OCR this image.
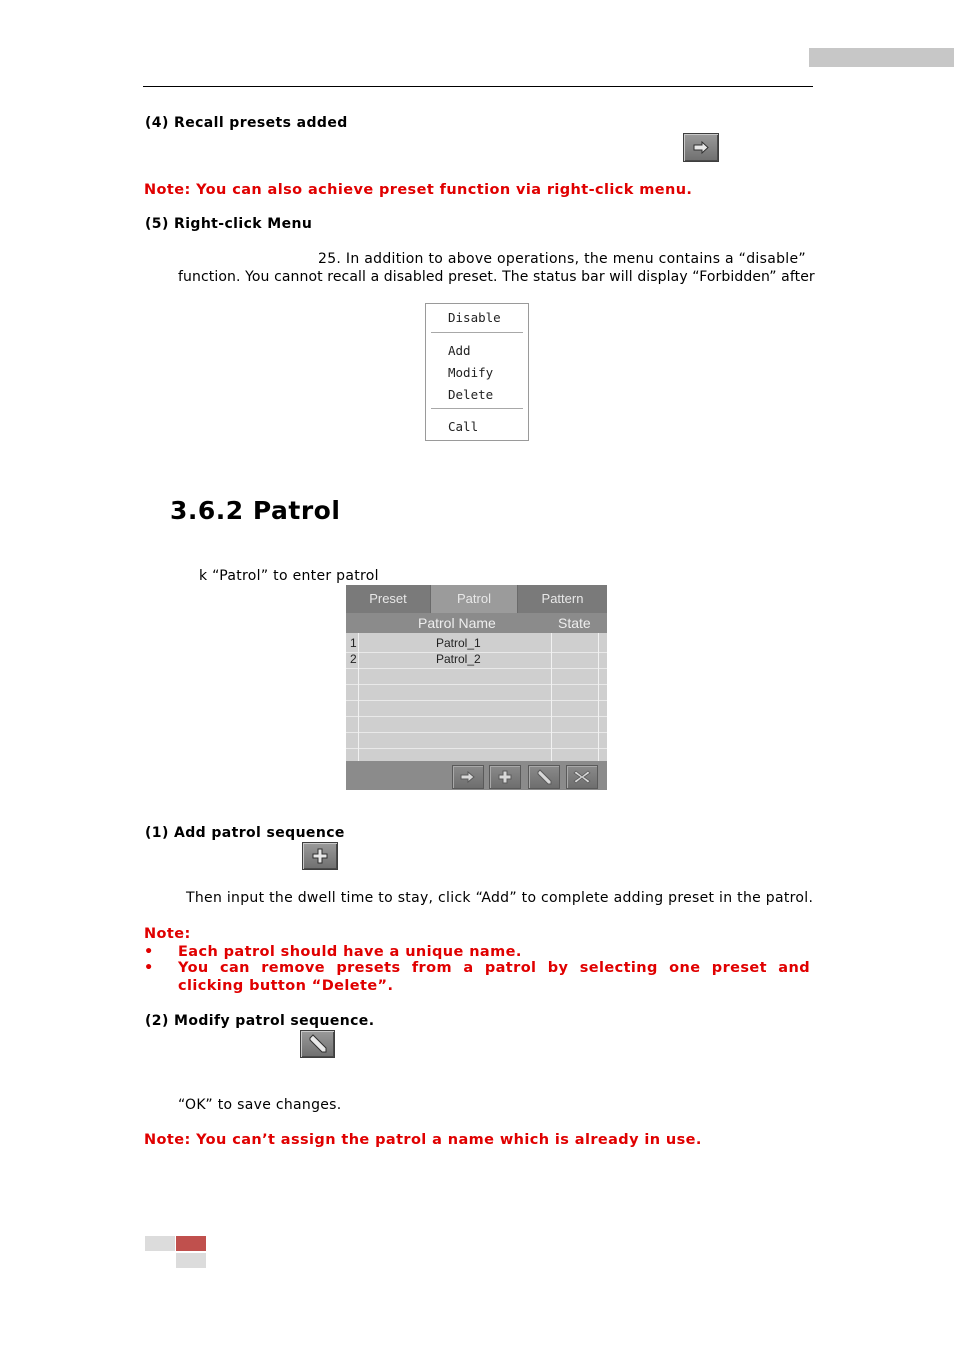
(4) Recall presets added
Note: You can also achieve preset function via right-click menu.
(5) Right-click Menu
25. In addition to above operations, the menu contains a “disable”
function. You cannot recall a disabled preset. The status bar will display “Forbidden” after
Disable
Add
Modify
Delete
Call
3.6.2 Patrol
k “Patrol” to enter patrol
Preset	Patrol	Pattern
Patrol Name	State
1	Patrol_1
2	Patrol_2
(1) Add patrol sequence
Then input the dwell time to stay, click “Add” to complete adding preset in the patrol.
Note:
• Each patrol should have a unique name.
• You can remove presets from a patrol by selecting one preset and clicking button “Delete”.
(2) Modify patrol sequence.
“OK” to save changes.
Note: You can’t assign the patrol a name which is already in use.
